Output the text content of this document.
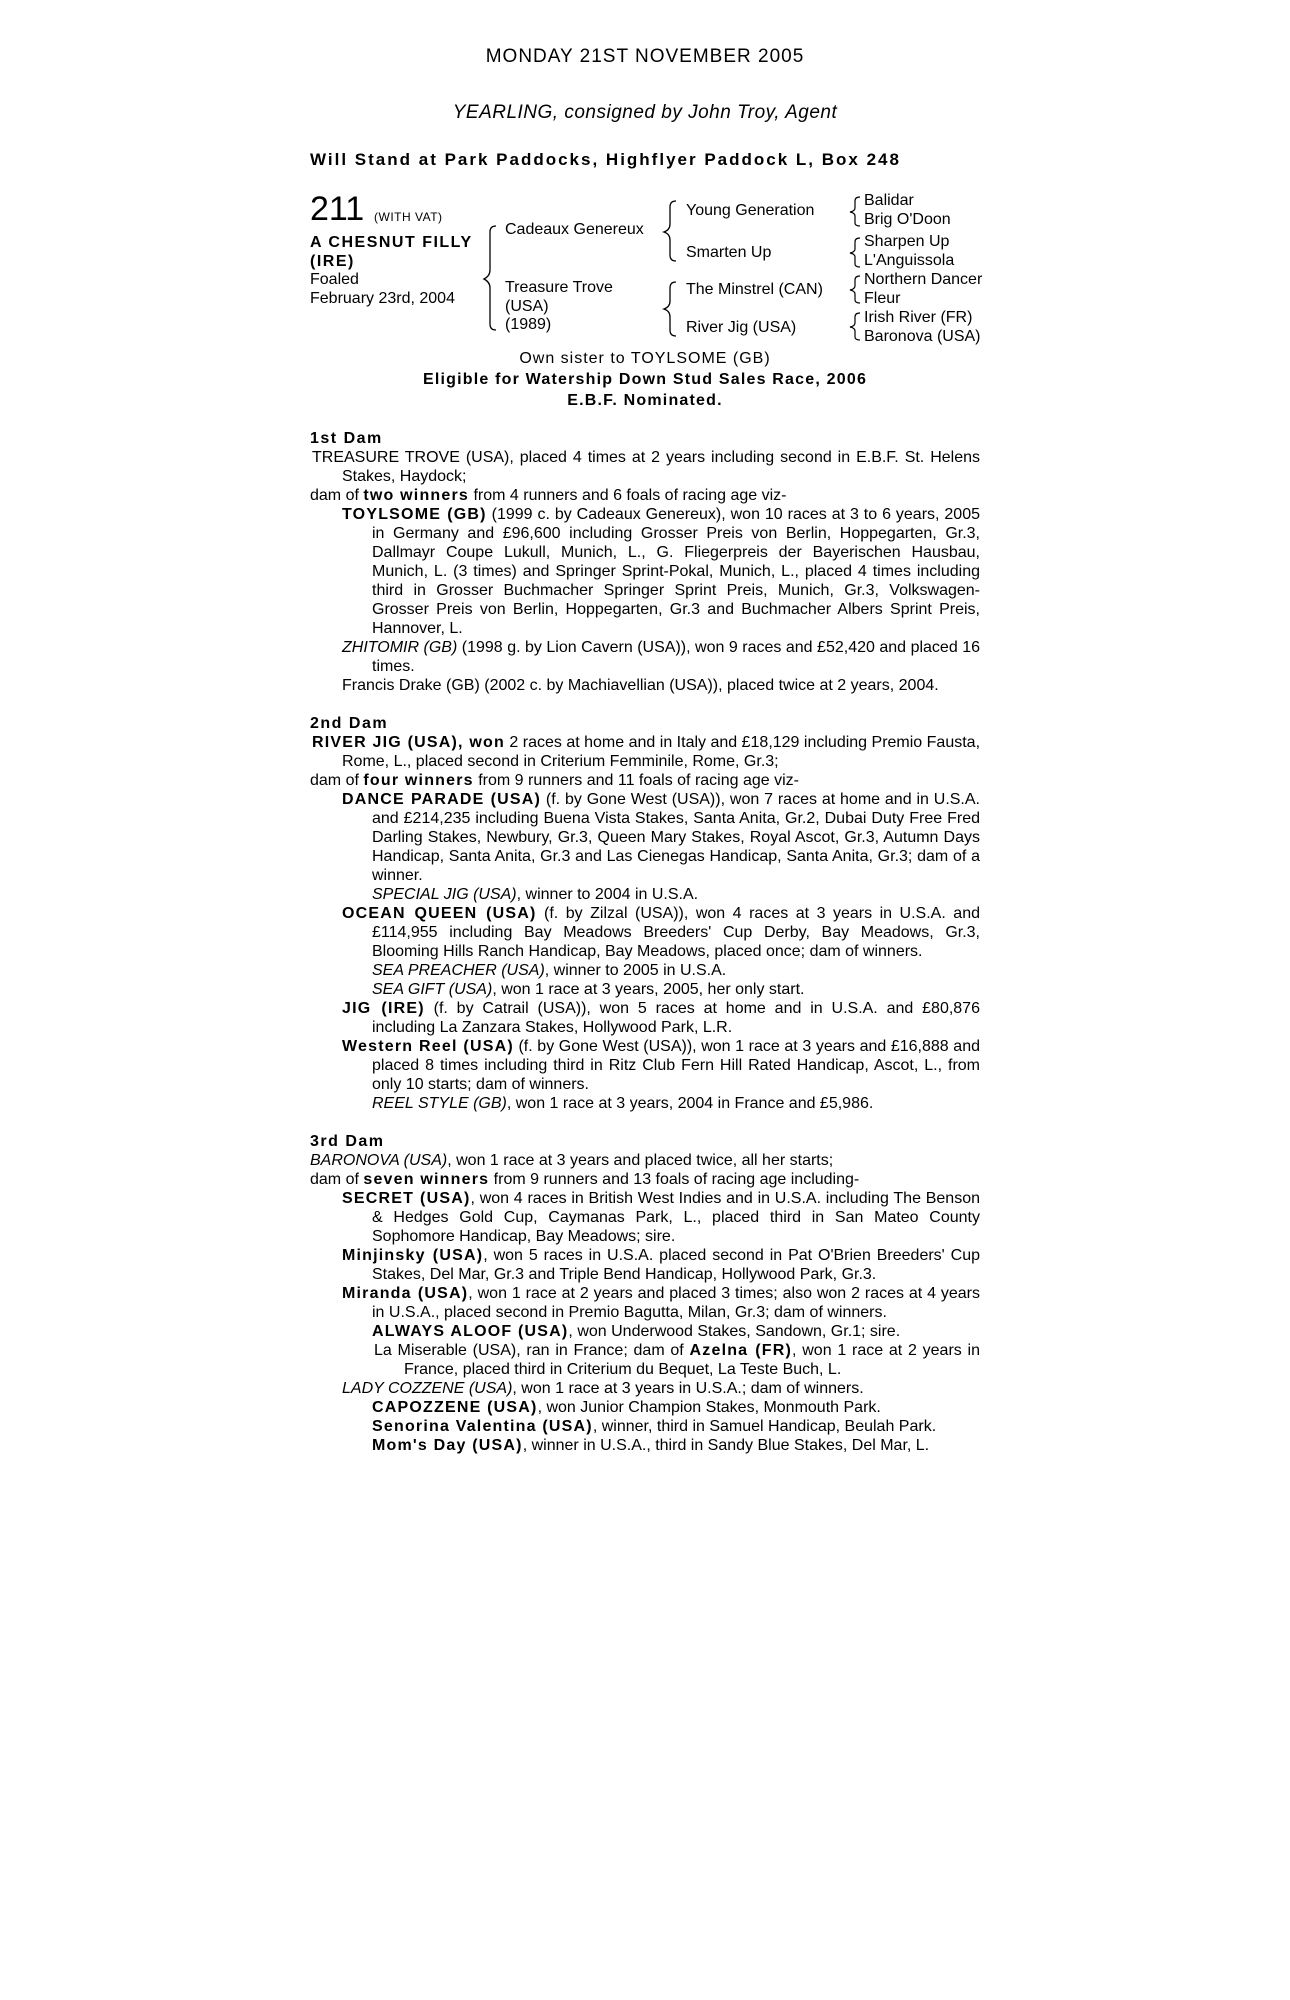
MONDAY 21ST NOVEMBER 2005
YEARLING, consigned by John Troy, Agent
Will Stand at Park Paddocks, Highflyer Paddock L, Box 248
211 (WITH VAT)
A CHESNUT FILLY
(IRE)
Foaled
February 23rd, 2004
Cadeaux Genereux
Treasure Trove
(USA)
(1989)
Young Generation
Smarten Up
The Minstrel (CAN)
River Jig (USA)
Balidar
Brig O'Doon
Sharpen Up
L'Anguissola
Northern Dancer
Fleur
Irish River (FR)
Baronova (USA)
Own sister to TOYLSOME (GB)
Eligible for Watership Down Stud Sales Race, 2006
E.B.F. Nominated.
1st Dam

TREASURE TROVE (USA), placed 4 times at 2 years including second in E.B.F. St. Helens Stakes, Haydock;

dam of two winners from 4 runners and 6 foals of racing age viz-

TOYLSOME (GB) (1999 c. by Cadeaux Genereux), won 10 races at 3 to 6 years, 2005 in Germany and £96,600 including Grosser Preis von Berlin, Hoppegarten, Gr.3, Dallmayr Coupe Lukull, Munich, L., G. Fliegerpreis der Bayerischen Hausbau, Munich, L. (3 times) and Springer Sprint-Pokal, Munich, L., placed 4 times including third in Grosser Buchmacher Springer Sprint Preis, Munich, Gr.3, Volkswagen-Grosser Preis von Berlin, Hoppegarten, Gr.3 and Buchmacher Albers Sprint Preis, Hannover, L.

ZHITOMIR (GB) (1998 g. by Lion Cavern (USA)), won 9 races and £52,420 and placed 16 times.

Francis Drake (GB) (2002 c. by Machiavellian (USA)), placed twice at 2 years, 2004.

2nd Dam

RIVER JIG (USA), won 2 races at home and in Italy and £18,129 including Premio Fausta, Rome, L., placed second in Criterium Femminile, Rome, Gr.3;

dam of four winners from 9 runners and 11 foals of racing age viz-

DANCE PARADE (USA) (f. by Gone West (USA)), won 7 races at home and in U.S.A. and £214,235 including Buena Vista Stakes, Santa Anita, Gr.2, Dubai Duty Free Fred Darling Stakes, Newbury, Gr.3, Queen Mary Stakes, Royal Ascot, Gr.3, Autumn Days Handicap, Santa Anita, Gr.3 and Las Cienegas Handicap, Santa Anita, Gr.3; dam of a winner.

SPECIAL JIG (USA), winner to 2004 in U.S.A.

OCEAN QUEEN (USA) (f. by Zilzal (USA)), won 4 races at 3 years in U.S.A. and £114,955 including Bay Meadows Breeders' Cup Derby, Bay Meadows, Gr.3, Blooming Hills Ranch Handicap, Bay Meadows, placed once; dam of winners.

SEA PREACHER (USA), winner to 2005 in U.S.A.

SEA GIFT (USA), won 1 race at 3 years, 2005, her only start.

JIG (IRE) (f. by Catrail (USA)), won 5 races at home and in U.S.A. and £80,876 including La Zanzara Stakes, Hollywood Park, L.R.

Western Reel (USA) (f. by Gone West (USA)), won 1 race at 3 years and £16,888 and placed 8 times including third in Ritz Club Fern Hill Rated Handicap, Ascot, L., from only 10 starts; dam of winners.

REEL STYLE (GB), won 1 race at 3 years, 2004 in France and £5,986.

3rd Dam

BARONOVA (USA), won 1 race at 3 years and placed twice, all her starts;

dam of seven winners from 9 runners and 13 foals of racing age including-

SECRET (USA), won 4 races in British West Indies and in U.S.A. including The Benson & Hedges Gold Cup, Caymanas Park, L., placed third in San Mateo County Sophomore Handicap, Bay Meadows; sire.

Minjinsky (USA), won 5 races in U.S.A. placed second in Pat O'Brien Breeders' Cup Stakes, Del Mar, Gr.3 and Triple Bend Handicap, Hollywood Park, Gr.3.

Miranda (USA), won 1 race at 2 years and placed 3 times; also won 2 races at 4 years in U.S.A., placed second in Premio Bagutta, Milan, Gr.3; dam of winners.

ALWAYS ALOOF (USA), won Underwood Stakes, Sandown, Gr.1; sire.

La Miserable (USA), ran in France; dam of Azelna (FR), won 1 race at 2 years in France, placed third in Criterium du Bequet, La Teste Buch, L.

LADY COZZENE (USA), won 1 race at 3 years in U.S.A.; dam of winners.

CAPOZZENE (USA), won Junior Champion Stakes, Monmouth Park.

Senorina Valentina (USA), winner, third in Samuel Handicap, Beulah Park.

Mom's Day (USA), winner in U.S.A., third in Sandy Blue Stakes, Del Mar, L.
